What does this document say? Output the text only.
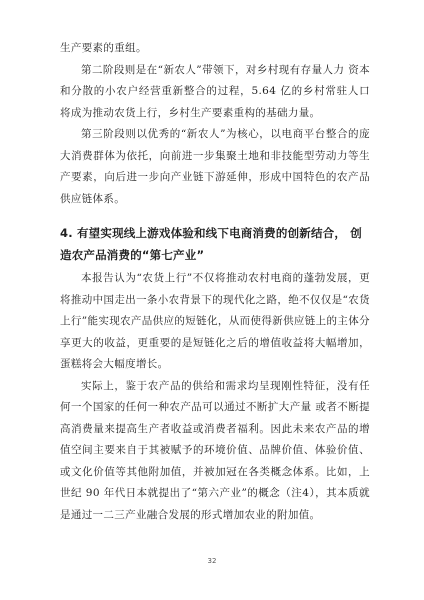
生产要素的重组。

第二阶段则是在“新农人”带领下，对乡村现有存量人力 资本和分散的小农户经营重新整合的过程，5.64 亿的乡村常驻人口将成为推动农货上行，乡村生产要素重构的基础力量。

第三阶段则以优秀的“新农人”为核心，以电商平台整合的庞大消费群体为依托，向前进一步集聚土地和非技能型劳动力等生产要素，向后进一步向产业链下游延伸，形成中国特色的农产品供应链体系。

4. 有望实现线上游戏体验和线下电商消费的创新结合， 创造农产品消费的“第七产业”

本报告认为“农货上行”不仅将推动农村电商的蓬勃发展，更将推动中国走出一条小农背景下的现代化之路，绝不仅仅是“农货上行”能实现农产品供应的短链化，从而使得新供应链上的主体分享更大的收益，更重要的是短链化之后的增值收益将大幅增加，蛋糕将会大幅度增长。

实际上，鉴于农产品的供给和需求均呈现刚性特征，没有任何一个国家的任何一种农产品可以通过不断扩大产量 或者不断提高消费量来提高生产者收益或消费者福利。因此未来农产品的增值空间主要来自于其被赋予的环境价值、品牌价值、体验价值、或文化价值等其他附加值，并被加冠在各类概念体系。比如，上世纪 90 年代日本就提出了“第六产业”的概念（注4），其本质就是通过一二三产业融合发展的形式增加农业的附加值。

32
